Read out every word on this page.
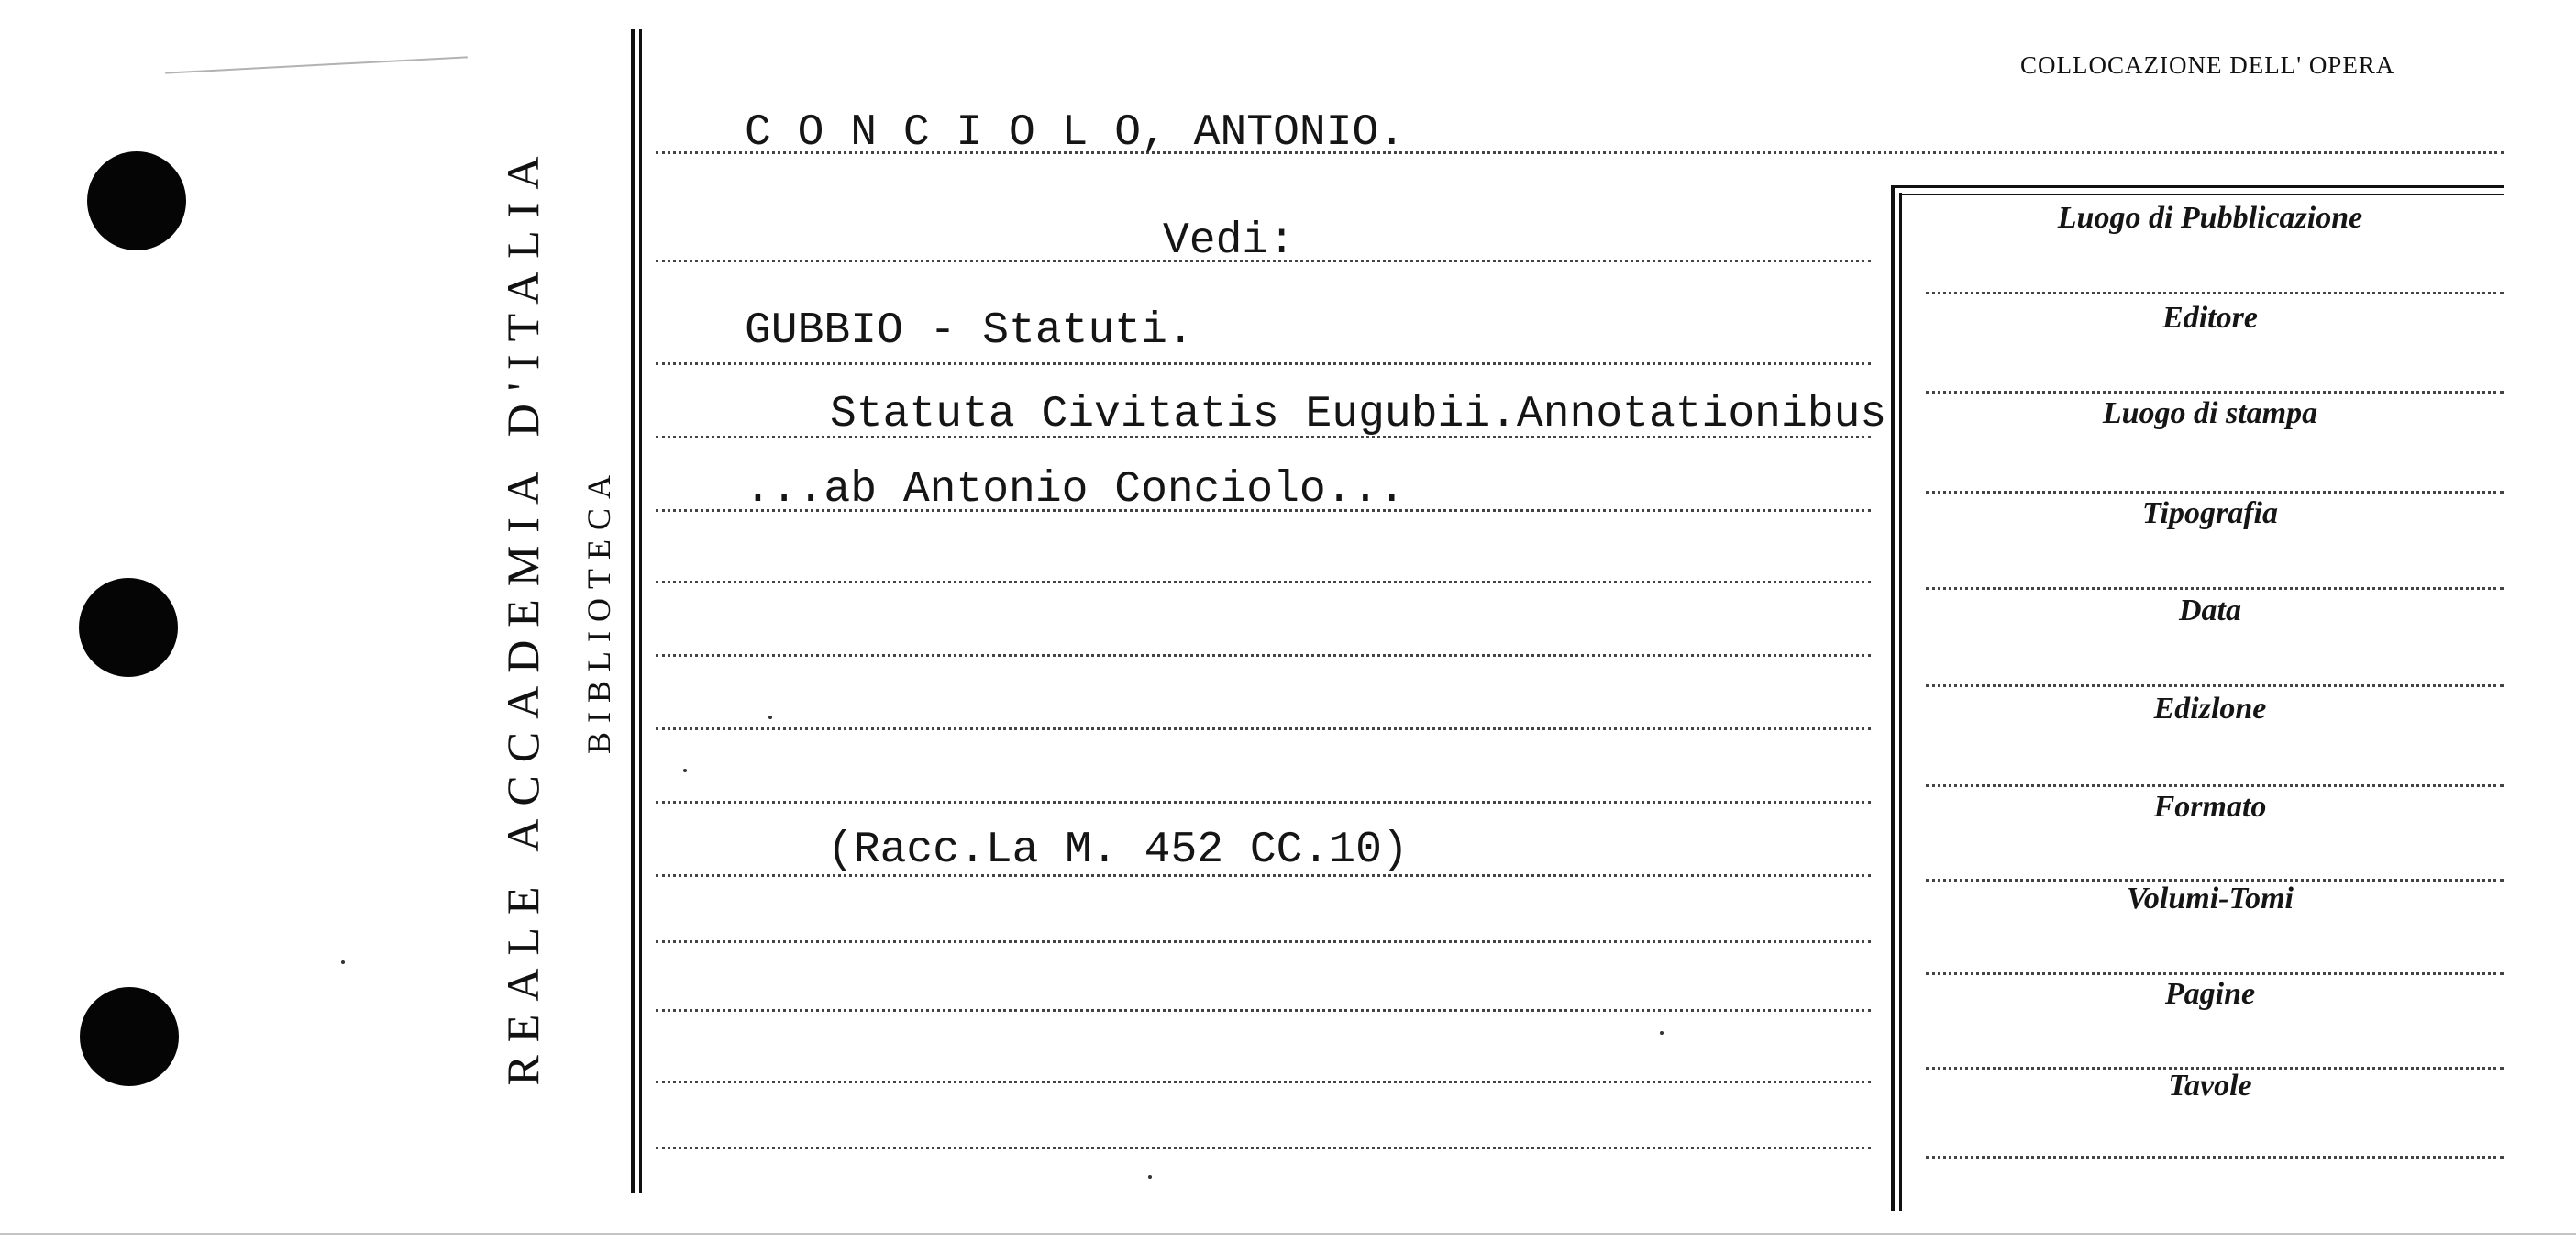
REALE ACCADEMIA D'ITALIA BIBLIOTECA
COLLOCAZIONE DELL' OPERA
C O N C I O L O, ANTONIO.
Vedi:
GUBBIO - Statuti.
Statuta Civitatis Eugubii.Annotationibus
...ab Antonio Conciolo...
(Racc.La M. 452 CC.10)
Luogo di Pubblicazione
Editore
Luogo di stampa
Tipografia
Data
Edizlone
Formato
Volumi-Tomi
Pagine
Tavole
